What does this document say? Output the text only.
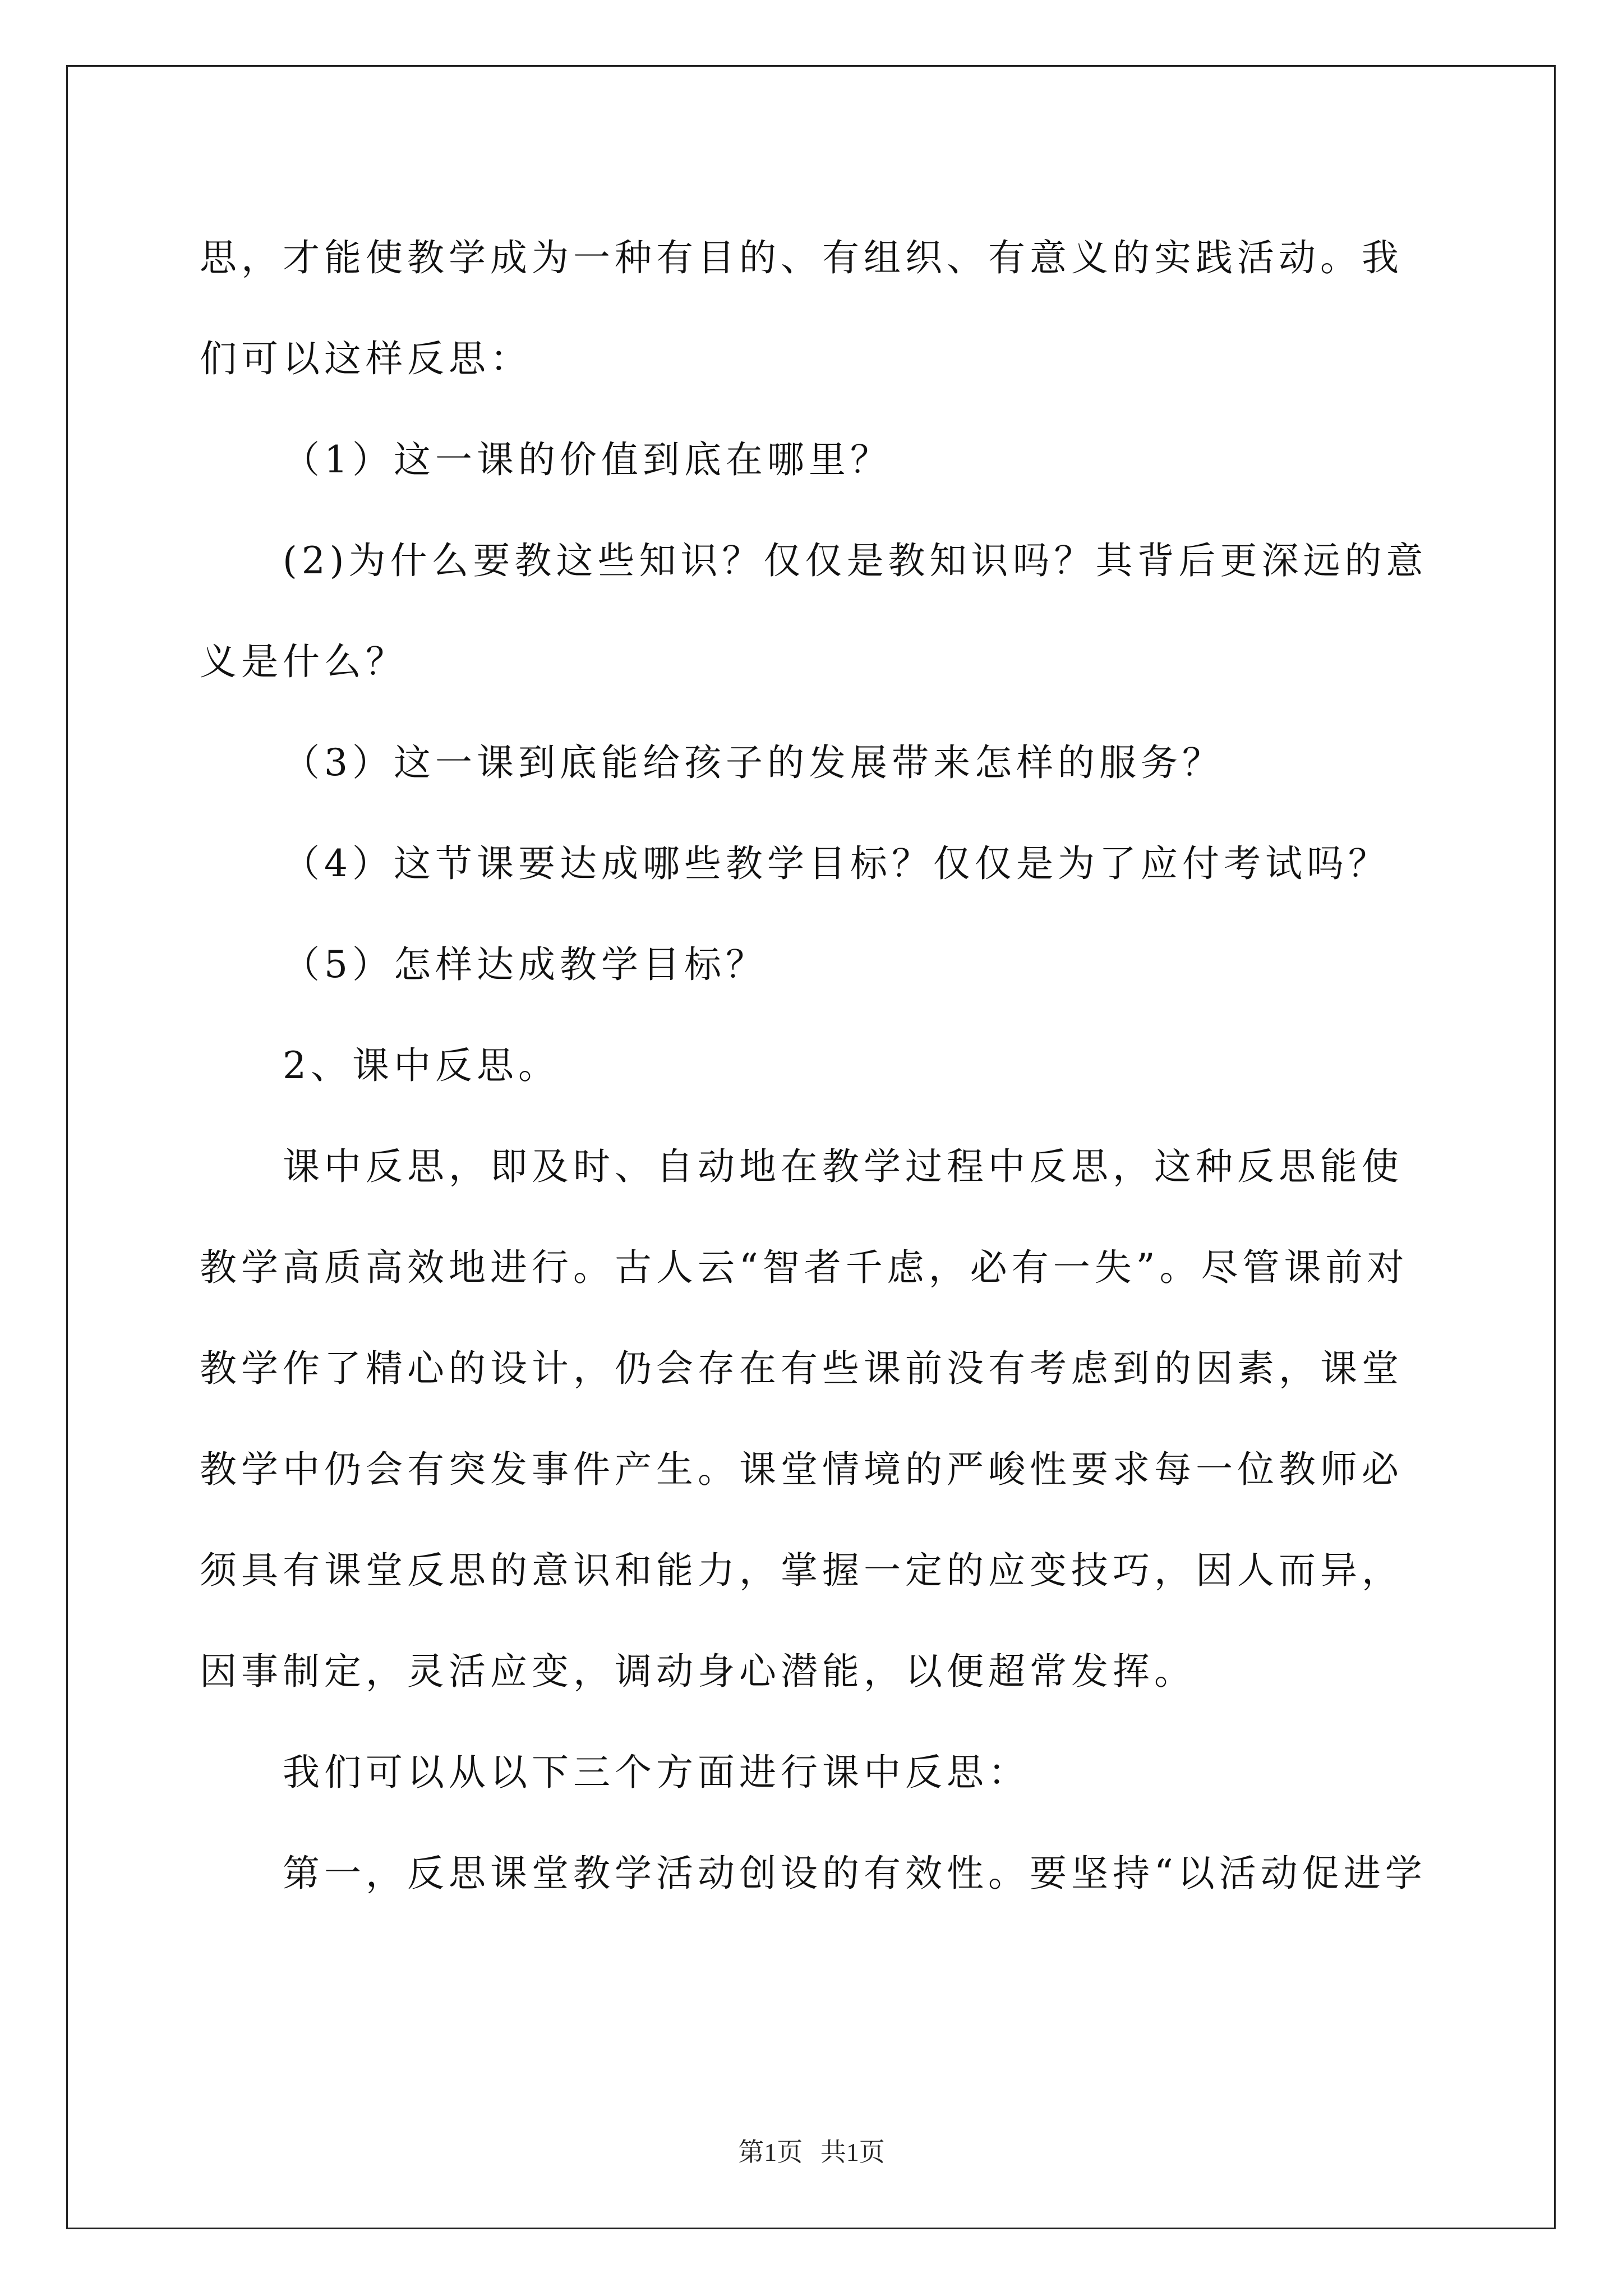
思，才能使教学成为一种有目的、有组织、有意义的实践活动。我们可以这样反思：

（1）这一课的价值到底在哪里？

(2)为什么要教这些知识？仅仅是教知识吗？其背后更深远的意义是什么？

（3）这一课到底能给孩子的发展带来怎样的服务？

（4）这节课要达成哪些教学目标？仅仅是为了应付考试吗？

（5）怎样达成教学目标？

2、课中反思。

课中反思，即及时、自动地在教学过程中反思，这种反思能使教学高质高效地进行。古人云“智者千虑，必有一失”。尽管课前对教学作了精心的设计，仍会存在有些课前没有考虑到的因素，课堂教学中仍会有突发事件产生。课堂情境的严峻性要求每一位教师必须具有课堂反思的意识和能力，掌握一定的应变技巧，因人而异，因事制定，灵活应变，调动身心潜能，以便超常发挥。

我们可以从以下三个方面进行课中反思：

第一，反思课堂教学活动创设的有效性。要坚持“以活动促进学

第1页 共1页
